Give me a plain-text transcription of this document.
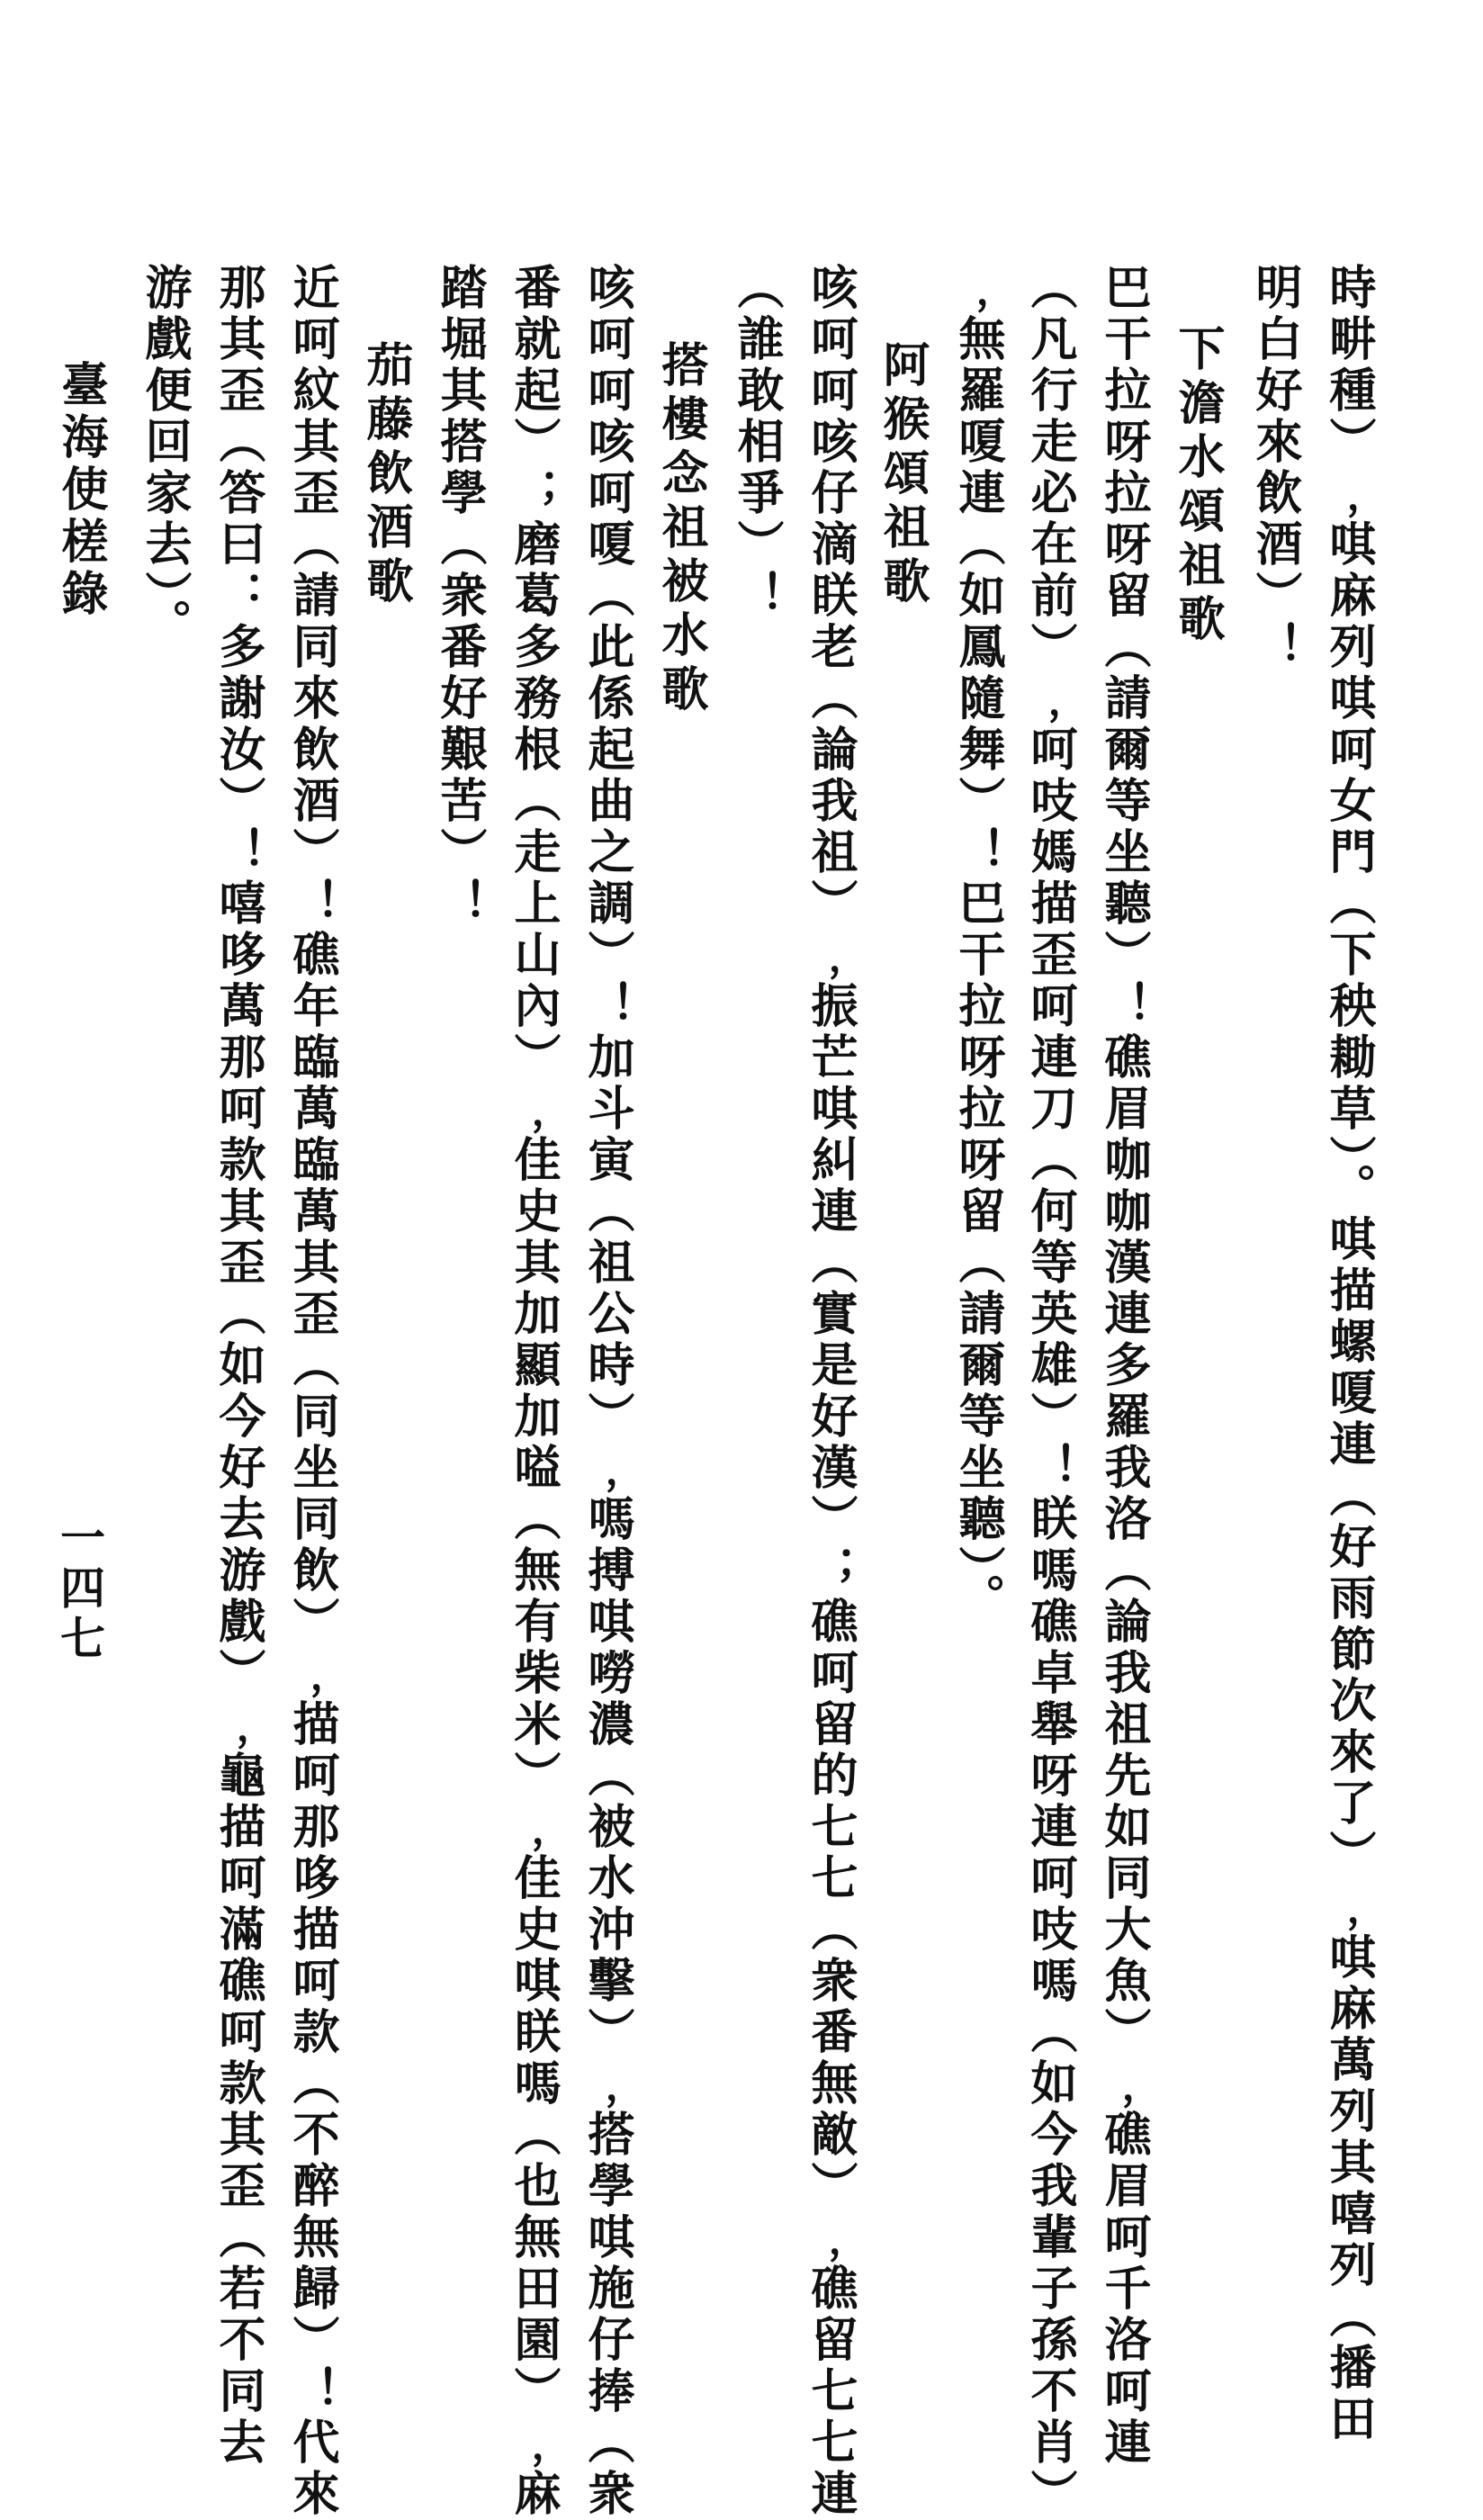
時畊種）﹐唭麻列唭呵女門（下秧耡草）。唭描螺嗄連（好雨節次來了）﹐唭麻萬列其嘻列（播田
明白好來飲酒）！
下澹水頌祖歌
巴干拉呀拉呀留（請爾等坐聽）！礁眉咖咖漢連多羅我洛（論我祖先如同大魚）﹐礁眉呵千洛呵連
（凡行走必在前）﹐呵吱媽描歪呵連刀（何等英雄）！眹嗎礁卓舉呀連呵吱嗎（如今我輩子孫不肖）
﹐無羅嗄連（如鳳隨舞）！巴干拉呀拉呀留（請爾等坐聽）。
阿猴頌祖歌
咳呵呵咳仔滴眹老（論我祖）﹐振芒唭糾連（實是好漢）；礁呵留的七七（衆番無敵）﹐礁留七七連
（誰敢相爭）！
搭樓念祖被水歌
咳呵呵咳呵嗄（此係起曲之調）！加斗寅（祖公時）﹐嗎搏唭嘮濃（被水沖擊）﹐搭學唭施仔捧（衆
番就起）；磨葛多務根（走上山內）﹐佳史其加顯加嗌（無有柴米）﹐佳史唭眹嗎（也無田園）﹐麻
踏堀其搭學（衆番好艱苦）！
茄藤飲酒歌
近呵紋其歪（請同來飲酒）！礁年臨萬臨萬其歪（同坐同飲）﹐描呵那哆描呵款（不醉無歸）！代來
那其歪（答曰：多謝汝）！嘻哆萬那呵款其歪（如今好去游戲）﹐龜描呵滿礁呵款其歪（若不同去
游戲便回家去）。
一四七
臺海使槎錄
